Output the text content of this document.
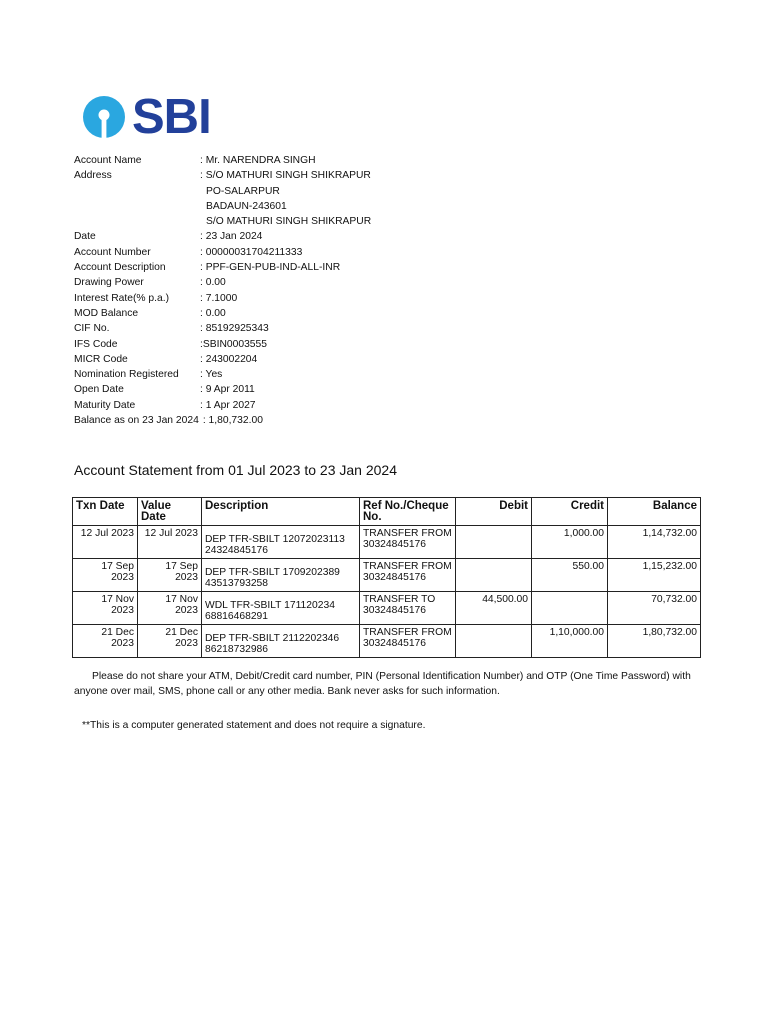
SBI
Account Name	: Mr. NARENDRA SINGH
Address	: S/O MATHURI SINGH SHIKRAPUR
PO-SALARPUR
BADAUN-243601
S/O MATHURI SINGH SHIKRAPUR
Date	: 23 Jan 2024
Account Number	: 00000031704211333
Account Description	: PPF-GEN-PUB-IND-ALL-INR
Drawing Power	: 0.00
Interest Rate(% p.a.)	: 7.1000
MOD Balance	: 0.00
CIF No.	: 85192925343
IFS Code	:SBIN0003555
MICR Code	: 243002204
Nomination Registered : Yes
Open Date	: 9 Apr 2011
Maturity Date	: 1 Apr 2027
Balance as on 23 Jan 2024 : 1,80,732.00
Account Statement from 01 Jul 2023 to 23 Jan 2024
Txn Date	Value Date	Description	Ref No./Cheque No.	Debit	Credit	Balance
12 Jul 2023	12 Jul 2023	DEP TFR-SBILT 12072023113 24324845176	TRANSFER FROM 30324845176		1,000.00	1,14,732.00
17 Sep 2023	17 Sep 2023	DEP TFR-SBILT 1709202389 43513793258	TRANSFER FROM 30324845176		550.00	1,15,232.00
17 Nov 2023	17 Nov 2023	WDL TFR-SBILT 171120234 68816468291	TRANSFER TO 30324845176	44,500.00		70,732.00
21 Dec 2023	21 Dec 2023	DEP TFR-SBILT 2112202346 86218732986	TRANSFER FROM 30324845176		1,10,000.00	1,80,732.00
Please do not share your ATM, Debit/Credit card number, PIN (Personal Identification Number) and OTP (One Time Password) with anyone over mail, SMS, phone call or any other media. Bank never asks for such information.
**This is a computer generated statement and does not require a signature.
